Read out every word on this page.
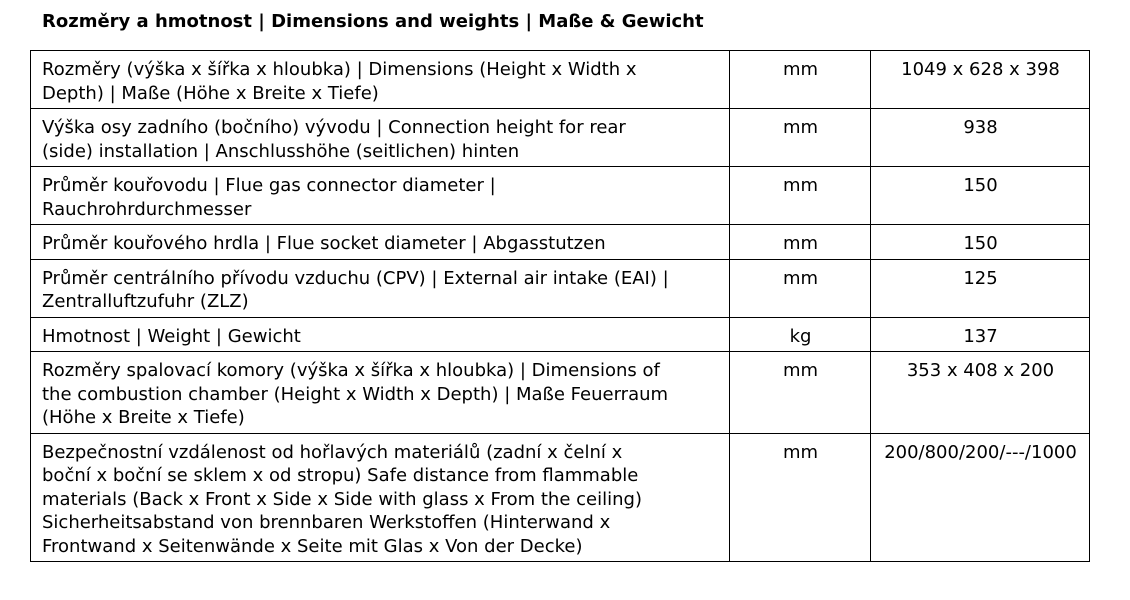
Rozměry a hmotnost | Dimensions and weights | Maße & Gewicht
Rozměry (výška x šířka x hloubka) | Dimensions (Height x Width x
Depth) | Maße (Höhe x Breite x Tiefe)	mm	1049 x 628 x 398
Výška osy zadního (bočního) vývodu | Connection height for rear
(side) installation | Anschlusshöhe (seitlichen) hinten	mm	938
Průměr kouřovodu | Flue gas connector diameter |
Rauchrohrdurchmesser	mm	150
Průměr kouřového hrdla | Flue socket diameter | Abgasstutzen	mm	150
Průměr centrálního přívodu vzduchu (CPV) | External air intake (EAI) |
Zentralluftzufuhr (ZLZ)	mm	125
Hmotnost | Weight | Gewicht	kg	137
Rozměry spalovací komory (výška x šířka x hloubka) | Dimensions of
the combustion chamber (Height x Width x Depth) | Maße Feuerraum
(Höhe x Breite x Tiefe)	mm	353 x 408 x 200
Bezpečnostní vzdálenost od hořlavých materiálů (zadní x čelní x
boční x boční se sklem x od stropu) Safe distance from flammable
materials (Back x Front x Side x Side with glass x From the ceiling)
Sicherheitsabstand von brennbaren Werkstoffen (Hinterwand x
Frontwand x Seitenwände x Seite mit Glas x Von der Decke)	mm	200/800/200/---/1000
